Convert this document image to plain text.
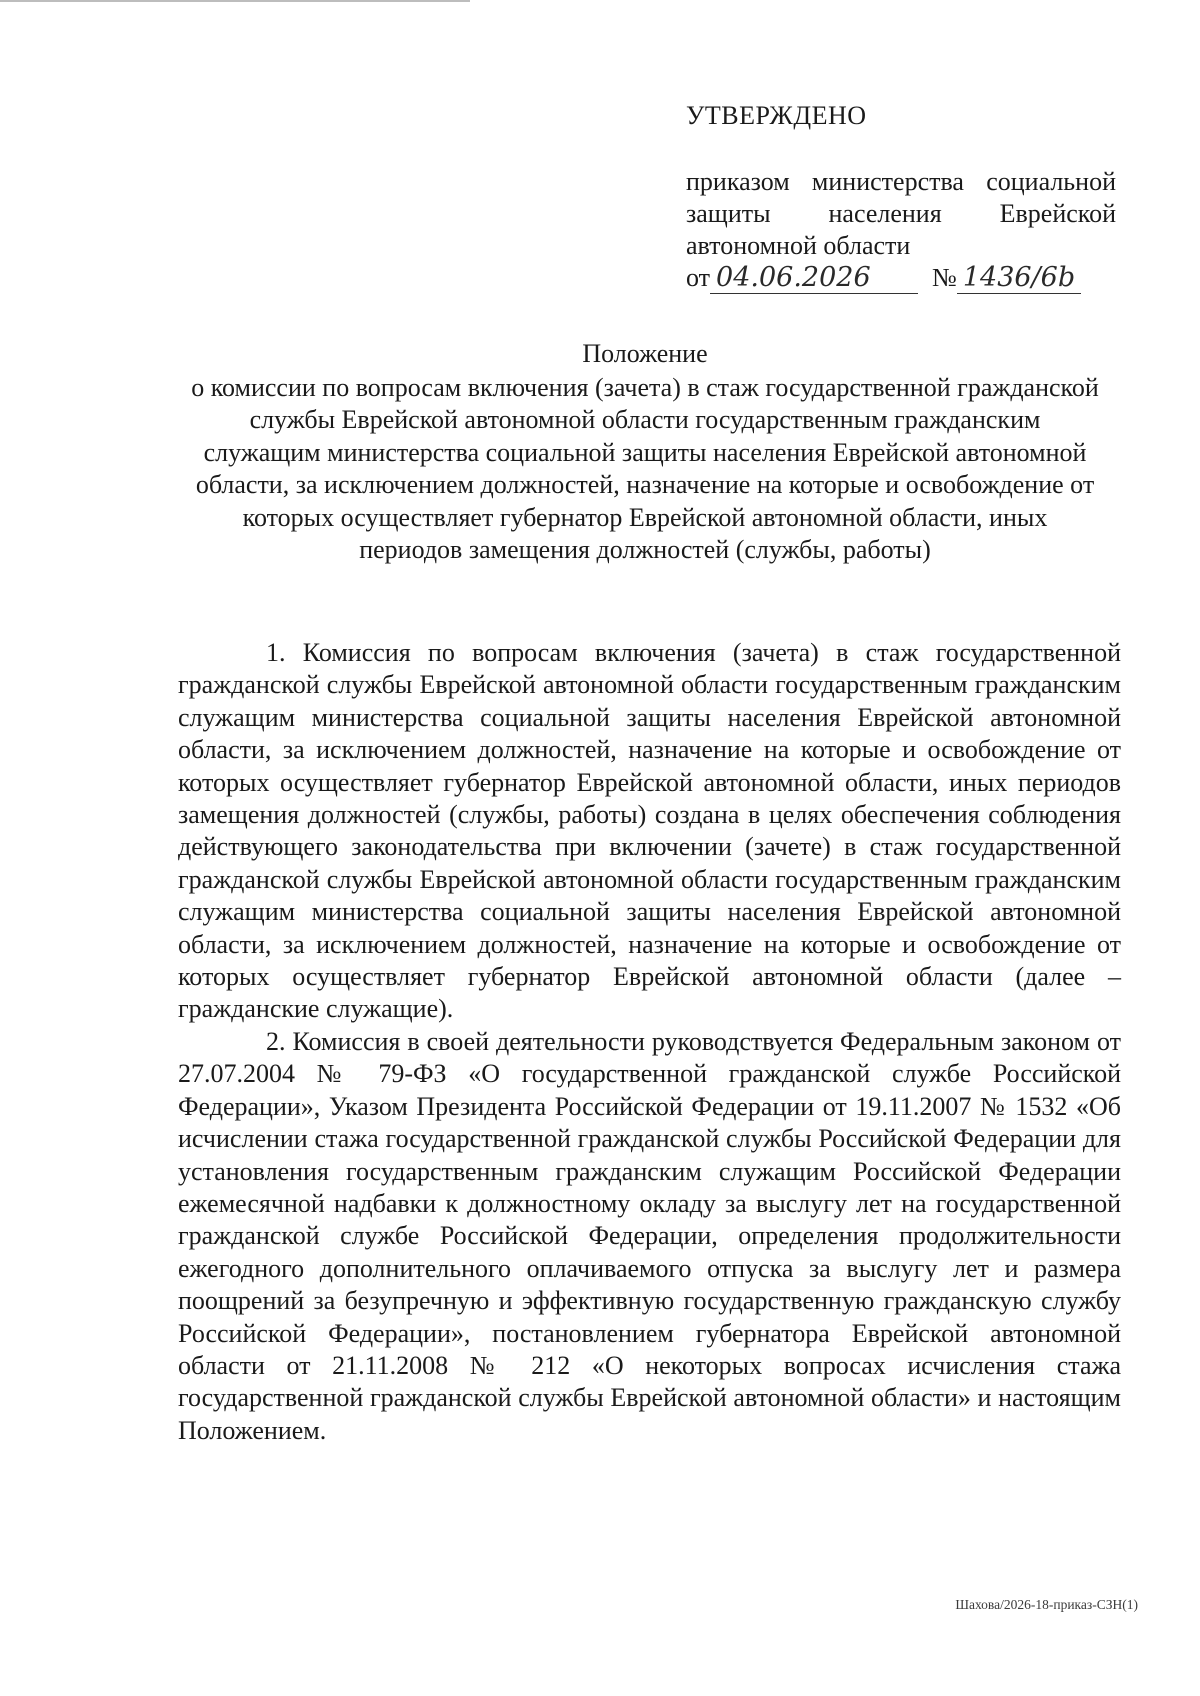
УТВЕРЖДЕНО
приказом министерства социальной защиты населения Еврейской автономной области
от 04.06.2026	№ 1436/6b
Положение
о комиссии по вопросам включения (зачета) в стаж государственной гражданской службы Еврейской автономной области государственным гражданским служащим министерства социальной защиты населения Еврейской автономной области, за исключением должностей, назначение на которые и освобождение от которых осуществляет губернатор Еврейской автономной области, иных периодов замещения должностей (службы, работы)

1. Комиссия по вопросам включения (зачета) в стаж государственной гражданской службы Еврейской автономной области государственным гражданским служащим министерства социальной защиты населения Еврейской автономной области, за исключением должностей, назначение на которые и освобождение от которых осуществляет губернатор Еврейской автономной области, иных периодов замещения должностей (службы, работы) создана в целях обеспечения соблюдения действующего законодательства при включении (зачете) в стаж государственной гражданской службы Еврейской автономной области государственным гражданским служащим министерства социальной защиты населения Еврейской автономной области, за исключением должностей, назначение на которые и освобождение от которых осуществляет губернатор Еврейской автономной области (далее – гражданские служащие).

2. Комиссия в своей деятельности руководствуется Федеральным законом от 27.07.2004 № 79-ФЗ «О государственной гражданской службе Российской Федерации», Указом Президента Российской Федерации от 19.11.2007 № 1532 «Об исчислении стажа государственной гражданской службы Российской Федерации для установления государственным гражданским служащим Российской Федерации ежемесячной надбавки к должностному окладу за выслугу лет на государственной гражданской службе Российской Федерации, определения продолжительности ежегодного дополнительного оплачиваемого отпуска за выслугу лет и размера поощрений за безупречную и эффективную государственную гражданскую службу Российской Федерации», постановлением губернатора Еврейской автономной области от 21.11.2008 № 212 «О некоторых вопросах исчисления стажа государственной гражданской службы Еврейской автономной области» и настоящим Положением.

Шахова/2026-18-приказ-СЗН(1)
